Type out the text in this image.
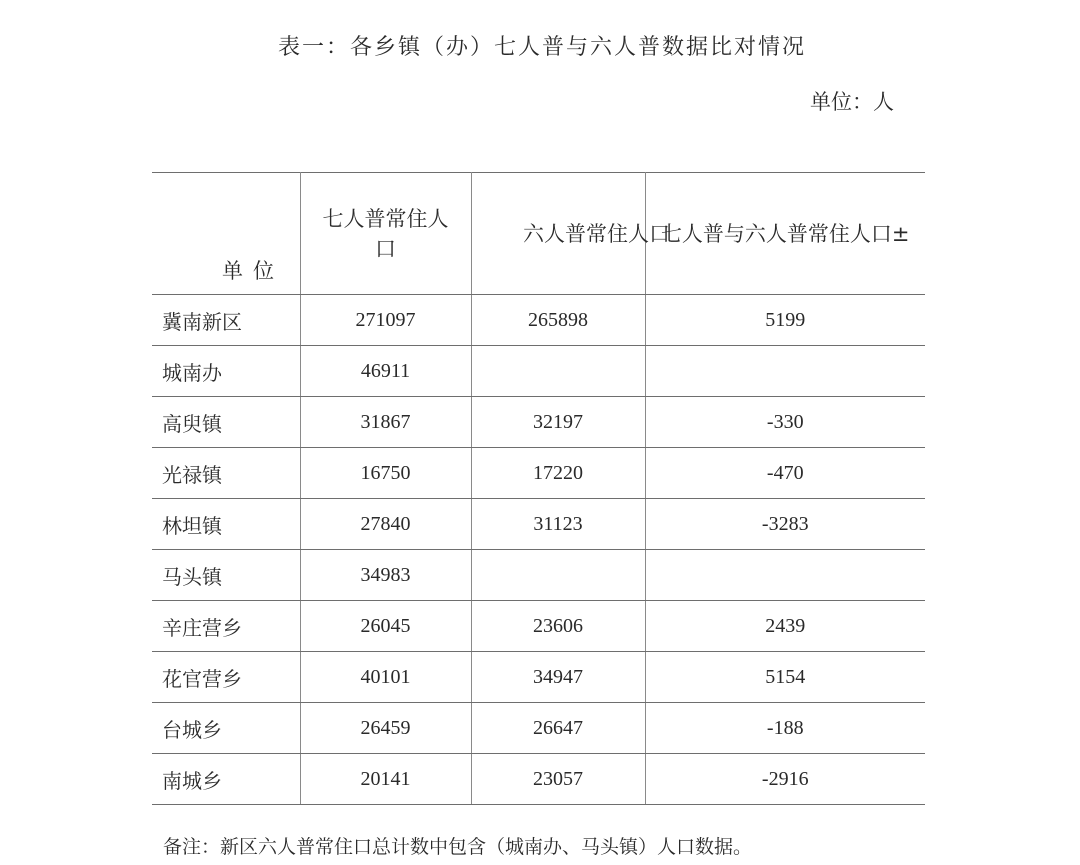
表一：各乡镇（办）七人普与六人普数据比对情况
单位：人
单位	七人普常住人口	六人普常住人口	七人普与六人普常住人口±
冀南新区	271097	265898	5199
城南办	46911		
高臾镇	31867	32197	-330
光禄镇	16750	17220	-470
林坦镇	27840	31123	-3283
马头镇	34983		
辛庄营乡	26045	23606	2439
花官营乡	40101	34947	5154
台城乡	26459	26647	-188
南城乡	20141	23057	-2916
备注：新区六人普常住口总计数中包含（城南办、马头镇）人口数据。
